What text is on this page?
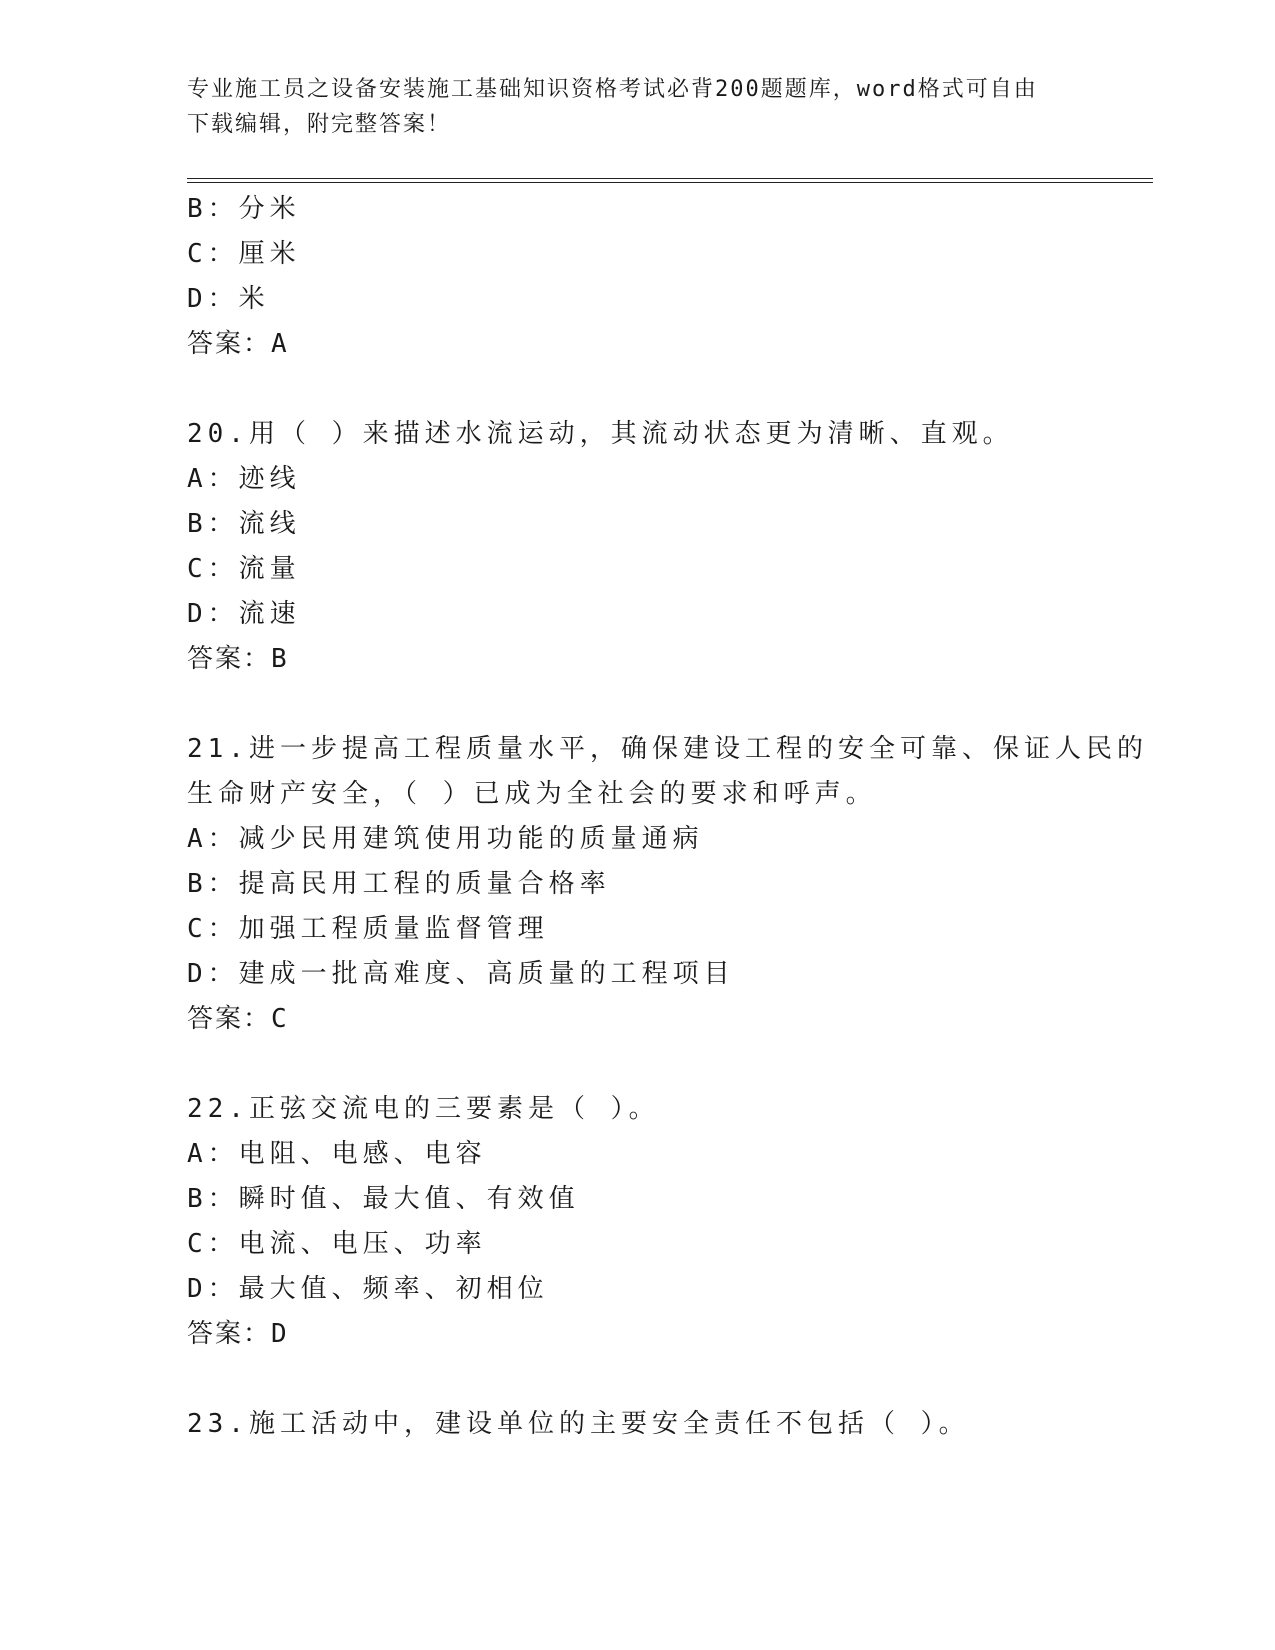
专业施工员之设备安装施工基础知识资格考试必背200题题库，word格式可自由
下载编辑，附完整答案！
B：分米
C：厘米
D：米
答案：A
20.用（ ）来描述水流运动，其流动状态更为清晰、直观。
A：迹线
B：流线
C：流量
D：流速
答案：B
21.进一步提高工程质量水平，确保建设工程的安全可靠、保证人民的
生命财产安全，（ ）已成为全社会的要求和呼声。
A：减少民用建筑使用功能的质量通病
B：提高民用工程的质量合格率
C：加强工程质量监督管理
D：建成一批高难度、高质量的工程项目
答案：C
22.正弦交流电的三要素是（ ）。
A：电阻、电感、电容
B：瞬时值、最大值、有效值
C：电流、电压、功率
D：最大值、频率、初相位
答案：D
23.施工活动中，建设单位的主要安全责任不包括（ ）。
